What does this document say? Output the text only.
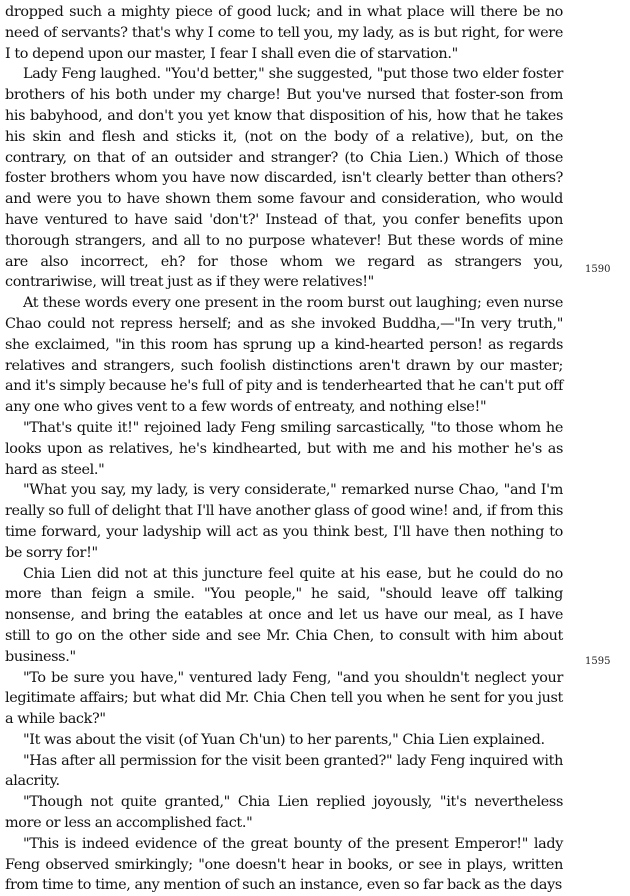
dropped such a mighty piece of good luck; and in what place will there be no need of servants? that's why I come to tell you, my lady, as is but right, for were I to depend upon our master, I fear I shall even die of starvation."

Lady Feng laughed. "You'd better," she suggested, "put those two elder foster brothers of his both under my charge! But you've nursed that foster-son from his babyhood, and don't you yet know that disposition of his, how that he takes his skin and flesh and sticks it, (not on the body of a relative), but, on the contrary, on that of an outsider and stranger? (to Chia Lien.) Which of those foster brothers whom you have now discarded, isn't clearly better than others? and were you to have shown them some favour and consideration, who would have ventured to have said 'don't?' Instead of that, you confer benefits upon thorough strangers, and all to no purpose whatever! But these words of mine are also incorrect, eh? for those whom we regard as strangers you, contrariwise, will treat just as if they were relatives!"

At these words every one present in the room burst out laughing; even nurse Chao could not repress herself; and as she invoked Buddha,—"In very truth," she exclaimed, "in this room has sprung up a kind-hearted person! as regards relatives and strangers, such foolish distinctions aren't drawn by our master; and it's simply because he's full of pity and is tenderhearted that he can't put off any one who gives vent to a few words of entreaty, and nothing else!"

"That's quite it!" rejoined lady Feng smiling sarcastically, "to those whom he looks upon as relatives, he's kindhearted, but with me and his mother he's as hard as steel."

"What you say, my lady, is very considerate," remarked nurse Chao, "and I'm really so full of delight that I'll have another glass of good wine! and, if from this time forward, your ladyship will act as you think best, I'll have then nothing to be sorry for!"

Chia Lien did not at this juncture feel quite at his ease, but he could do no more than feign a smile. "You people," he said, "should leave off talking nonsense, and bring the eatables at once and let us have our meal, as I have still to go on the other side and see Mr. Chia Chen, to consult with him about business."

"To be sure you have," ventured lady Feng, "and you shouldn't neglect your legitimate affairs; but what did Mr. Chia Chen tell you when he sent for you just a while back?"

"It was about the visit (of Yuan Ch'un) to her parents," Chia Lien explained.

"Has after all permission for the visit been granted?" lady Feng inquired with alacrity.

"Though not quite granted," Chia Lien replied joyously, "it's nevertheless more or less an accomplished fact."

"This is indeed evidence of the great bounty of the present Emperor!" lady Feng observed smirkingly; "one doesn't hear in books, or see in plays, written from time to time, any mention of such an instance, even so far back as the days

1590
1595
